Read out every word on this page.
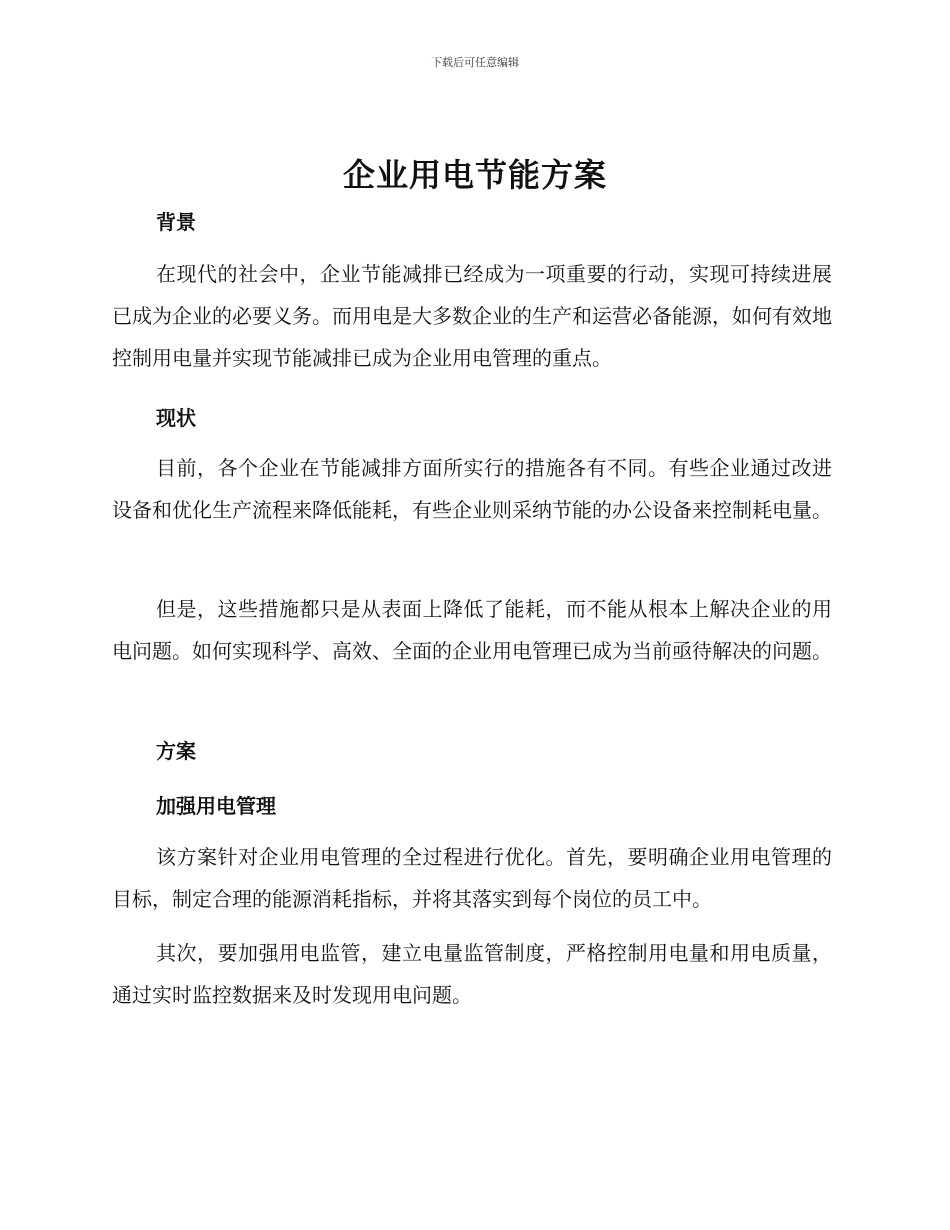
下载后可任意编辑
企业用电节能方案
背景
在现代的社会中，企业节能减排已经成为一项重要的行动，实现可持续进展已成为企业的必要义务。而用电是大多数企业的生产和运营必备能源，如何有效地控制用电量并实现节能减排已成为企业用电管理的重点。
现状
目前，各个企业在节能减排方面所实行的措施各有不同。有些企业通过改进设备和优化生产流程来降低能耗，有些企业则采纳节能的办公设备来控制耗电量。
但是，这些措施都只是从表面上降低了能耗，而不能从根本上解决企业的用电问题。如何实现科学、高效、全面的企业用电管理已成为当前亟待解决的问题。
方案
加强用电管理
该方案针对企业用电管理的全过程进行优化。首先，要明确企业用电管理的目标，制定合理的能源消耗指标，并将其落实到每个岗位的员工中。
其次，要加强用电监管，建立电量监管制度，严格控制用电量和用电质量，通过实时监控数据来及时发现用电问题。
